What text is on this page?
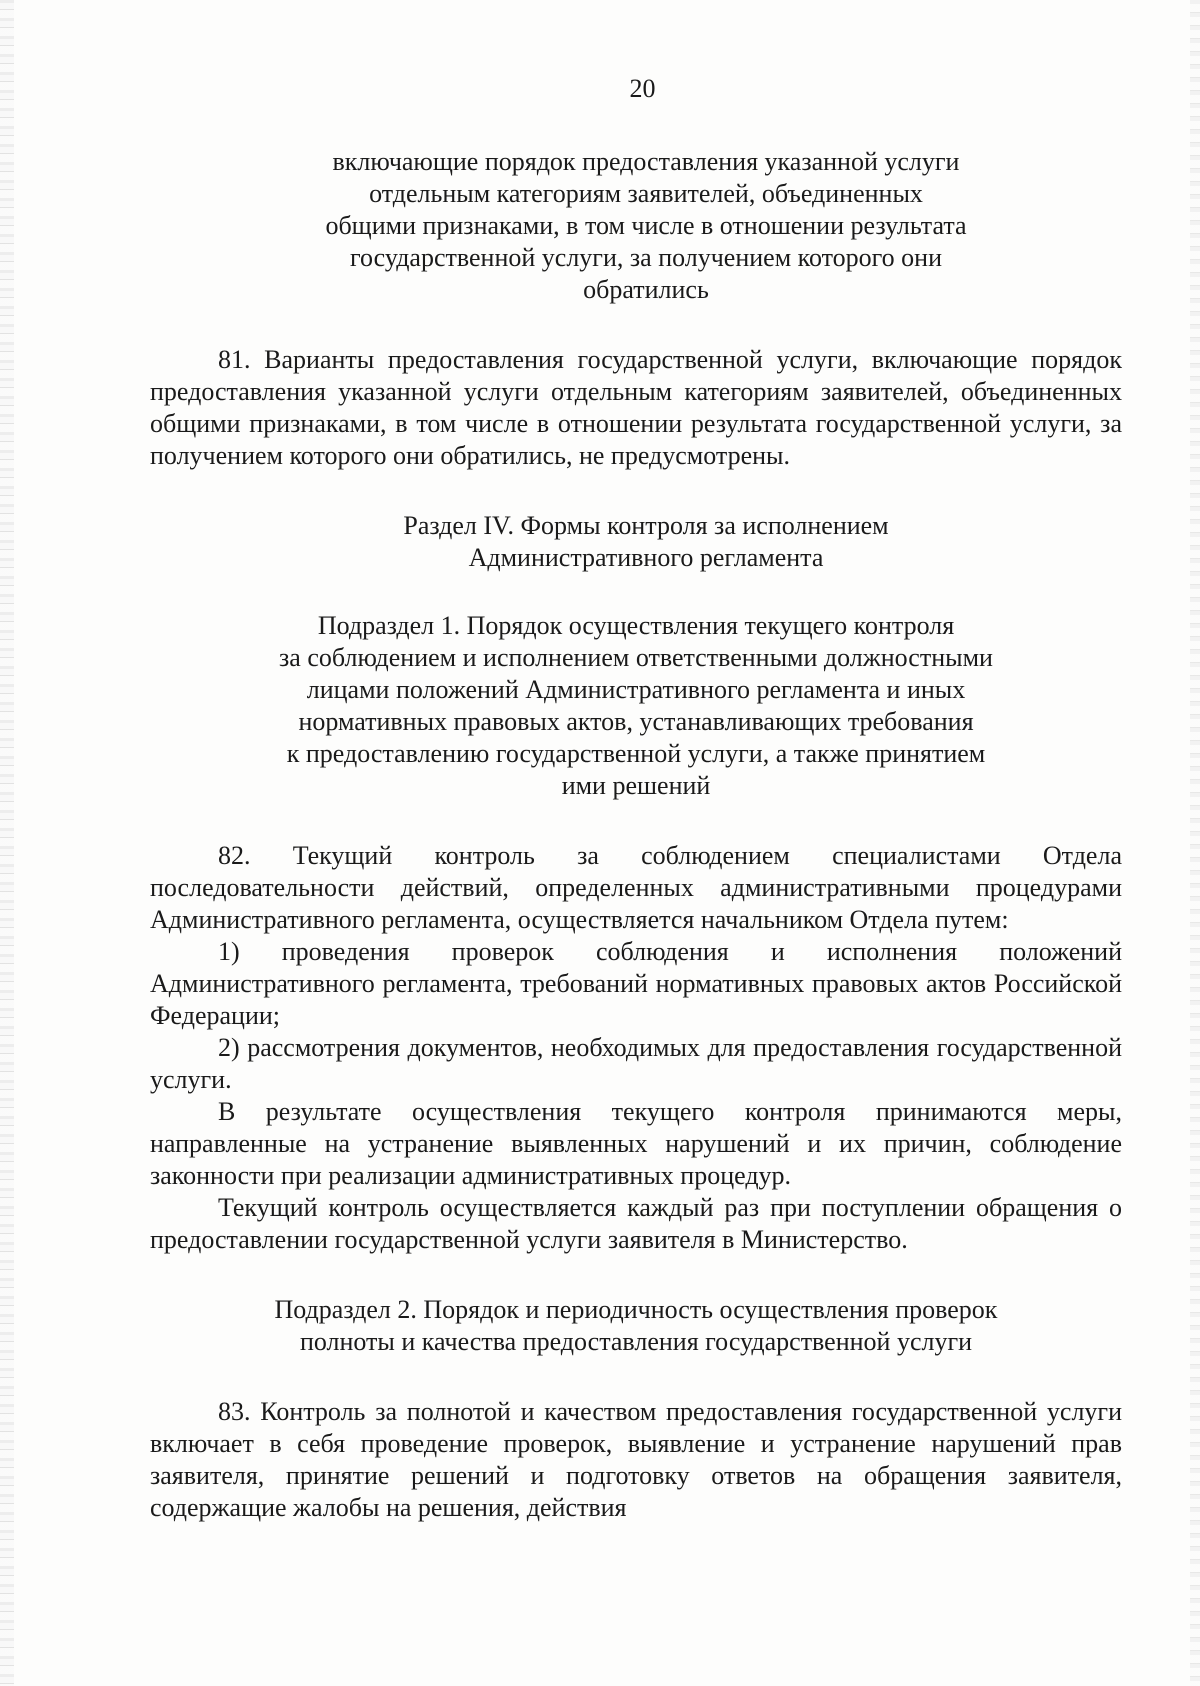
20
включающие порядок предоставления указанной услуги
отдельным категориям заявителей, объединенных
общими признаками, в том числе в отношении результата
государственной услуги, за получением которого они
обратились

81. Варианты предоставления государственной услуги, включающие порядок предоставления указанной услуги отдельным категориям заявителей, объединенных общими признаками, в том числе в отношении результата государственной услуги, за получением которого они обратились, не предусмотрены.

Раздел IV. Формы контроля за исполнением
Административного регламента
Подраздел 1. Порядок осуществления текущего контроля
за соблюдением и исполнением ответственными должностными
лицами положений Административного регламента и иных
нормативных правовых актов, устанавливающих требования
к предоставлению государственной услуги, а также принятием
ими решений

82. Текущий контроль за соблюдением специалистами Отдела последовательности действий, определенных административными процедурами Административного регламента, осуществляется начальником Отдела путем:

1) проведения проверок соблюдения и исполнения положений Административного регламента, требований нормативных правовых актов Российской Федерации;

2) рассмотрения документов, необходимых для предоставления государственной услуги.

В результате осуществления текущего контроля принимаются меры, направленные на устранение выявленных нарушений и их причин, соблюдение законности при реализации административных процедур.

Текущий контроль осуществляется каждый раз при поступлении обращения о предоставлении государственной услуги заявителя в Министерство.

Подраздел 2. Порядок и периодичность осуществления проверок
полноты и качества предоставления государственной услуги

83. Контроль за полнотой и качеством предоставления государственной услуги включает в себя проведение проверок, выявление и устранение нарушений прав заявителя, принятие решений и подготовку ответов на обращения заявителя, содержащие жалобы на решения, действия
